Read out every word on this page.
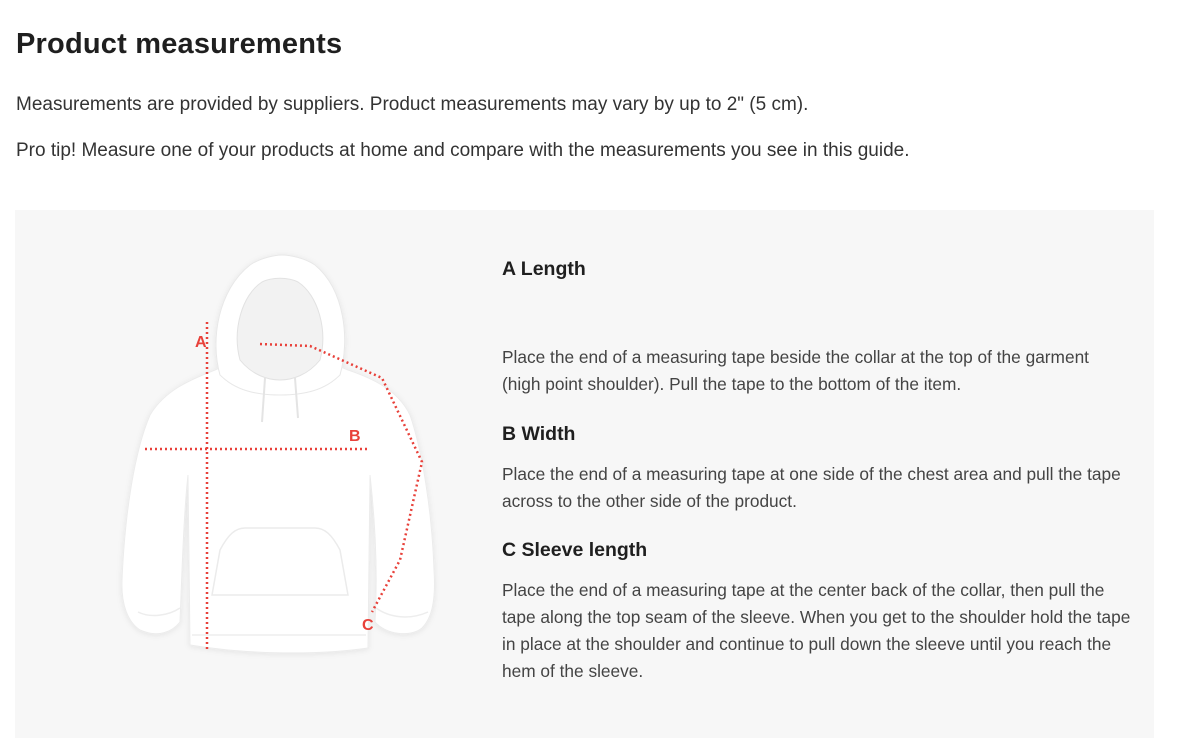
Product measurements

Measurements are provided by suppliers. Product measurements may vary by up to 2" (5 cm).

Pro tip! Measure one of your products at home and compare with the measurements you see in this guide.

A
B
C
A Length

Place the end of a measuring tape beside the collar at the top of the garment (high point shoulder). Pull the tape to the bottom of the item.

B Width

Place the end of a measuring tape at one side of the chest area and pull the tape across to the other side of the product.

C Sleeve length

Place the end of a measuring tape at the center back of the collar, then pull the tape along the top seam of the sleeve. When you get to the shoulder hold the tape in place at the shoulder and continue to pull down the sleeve until you reach the hem of the sleeve.
